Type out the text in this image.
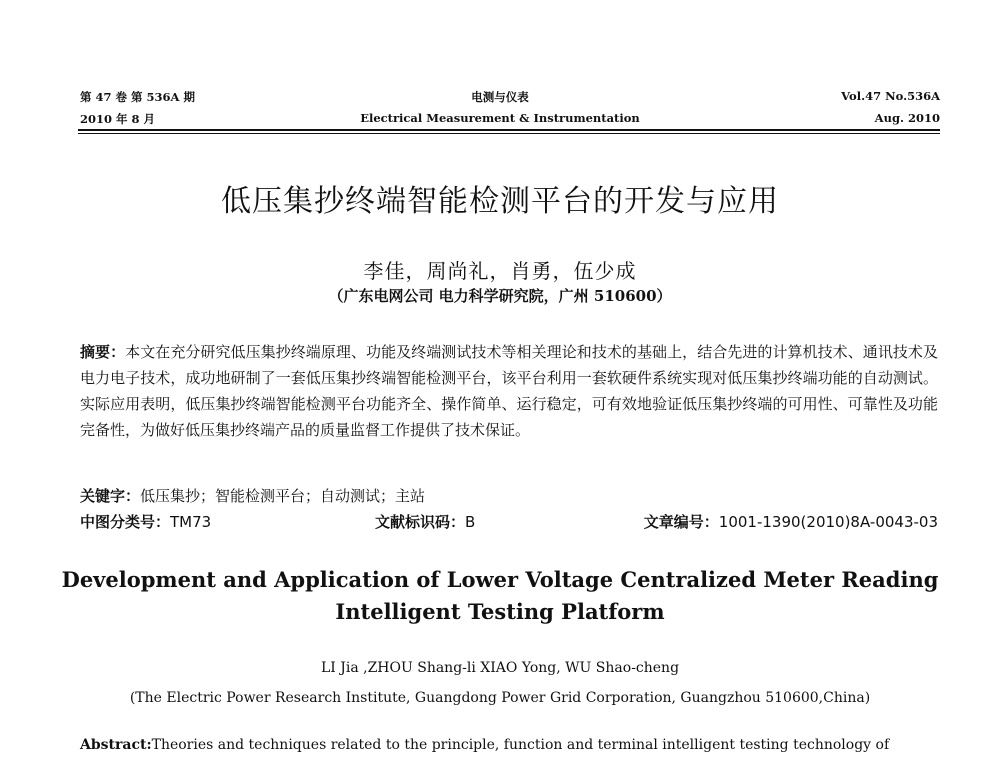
第 47 卷 第 536A 期
2010 年 8 月
电测与仪表
Electrical Measurement & Instrumentation
Vol.47 No.536A
Aug. 2010
低压集抄终端智能检测平台的开发与应用
李佳，周尚礼，肖勇，伍少成
（广东电网公司 电力科学研究院，广州 510600）
摘要：本文在充分研究低压集抄终端原理、功能及终端测试技术等相关理论和技术的基础上，结合先进的计算机技术、通讯技术及电力电子技术，成功地研制了一套低压集抄终端智能检测平台，该平台利用一套软硬件系统实现对低压集抄终端功能的自动测试。实际应用表明，低压集抄终端智能检测平台功能齐全、操作简单、运行稳定，可有效地验证低压集抄终端的可用性、可靠性及功能完备性，为做好低压集抄终端产品的质量监督工作提供了技术保证。
关键字：低压集抄；智能检测平台；自动测试；主站
中图分类号：TM73	文献标识码：B	文章编号：1001-1390(2010)8A-0043-03
Development and Application of Lower Voltage Centralized Meter Reading
Intelligent Testing Platform
LI Jia ,ZHOU Shang-li XIAO Yong, WU Shao-cheng
(The Electric Power Research Institute, Guangdong Power Grid Corporation, Guangzhou 510600,China)
Abstract:Theories and techniques related to the principle, function and terminal intelligent testing technology of
